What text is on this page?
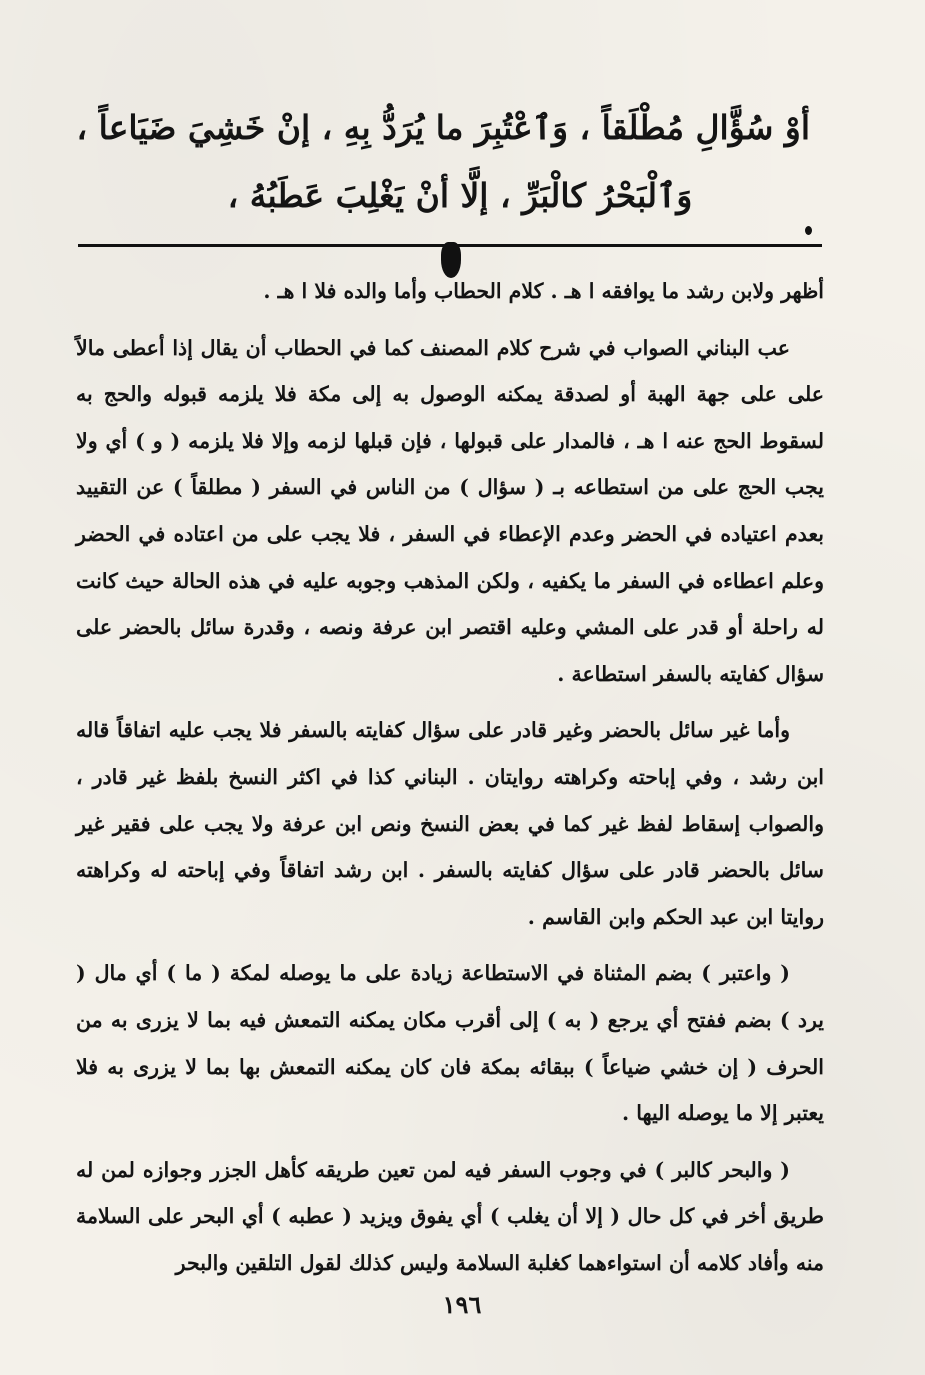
أوْ سُؤَّالِ مُطْلَقاً ، وَٱعْتُبِرَ ما يُرَدُّ بِهِ ، إنْ خَشِيَ ضَيَاعاً ،
وَٱلْبَحْرُ كالْبَرِّ ، إلَّا أنْ يَغْلِبَ عَطَبُهُ ،

أظهر ولابن رشد ما يوافقه ا هـ . كلام الحطاب وأما والده فلا ا هـ .

عب البناني الصواب في شرح كلام المصنف كما في الحطاب أن يقال إذا أعطى مالاً على على جهة الهبة أو لصدقة يمكنه الوصول به إلى مكة فلا يلزمه قبوله والحج به لسقوط الحج عنه ا هـ ، فالمدار على قبولها ، فإن قبلها لزمه وإلا فلا يلزمه ( و ) أي ولا يجب الحج على من استطاعه بـ ( سؤال ) من الناس في السفر ( مطلقاً ) عن التقييد بعدم اعتياده في الحضر وعدم الإعطاء في السفر ، فلا يجب على من اعتاده في الحضر وعلم اعطاءه في السفر ما يكفيه ، ولكن المذهب وجوبه عليه في هذه الحالة حيث كانت له راحلة أو قدر على المشي وعليه اقتصر ابن عرفة ونصه ، وقدرة سائل بالحضر على سؤال كفايته بالسفر استطاعة .

وأما غير سائل بالحضر وغير قادر على سؤال كفايته بالسفر فلا يجب عليه اتفاقاً قاله ابن رشد ، وفي إباحته وكراهته روايتان . البناني كذا في اكثر النسخ بلفظ غير قادر ، والصواب إسقاط لفظ غير كما في بعض النسخ ونص ابن عرفة ولا يجب على فقير غير سائل بالحضر قادر على سؤال كفايته بالسفر . ابن رشد اتفاقاً وفي إباحته له وكراهته روايتا ابن عبد الحكم وابن القاسم .

( واعتبر ) بضم المثناة في الاستطاعة زيادة على ما يوصله لمكة ( ما ) أي مال ( يرد ) بضم ففتح أي يرجع ( به ) إلى أقرب مكان يمكنه التمعش فيه بما لا يزرى به من الحرف ( إن خشي ضياعاً ) ببقائه بمكة فان كان يمكنه التمعش بها بما لا يزرى به فلا يعتبر إلا ما يوصله اليها .

( والبحر كالبر ) في وجوب السفر فيه لمن تعين طريقه كأهل الجزر وجوازه لمن له طريق أخر في كل حال ( إلا أن يغلب ) أي يفوق ويزيد ( عطبه ) أي البحر على السلامة منه وأفاد كلامه أن استواءهما كغلبة السلامة وليس كذلك لقول التلقين والبحر

١٩٦
